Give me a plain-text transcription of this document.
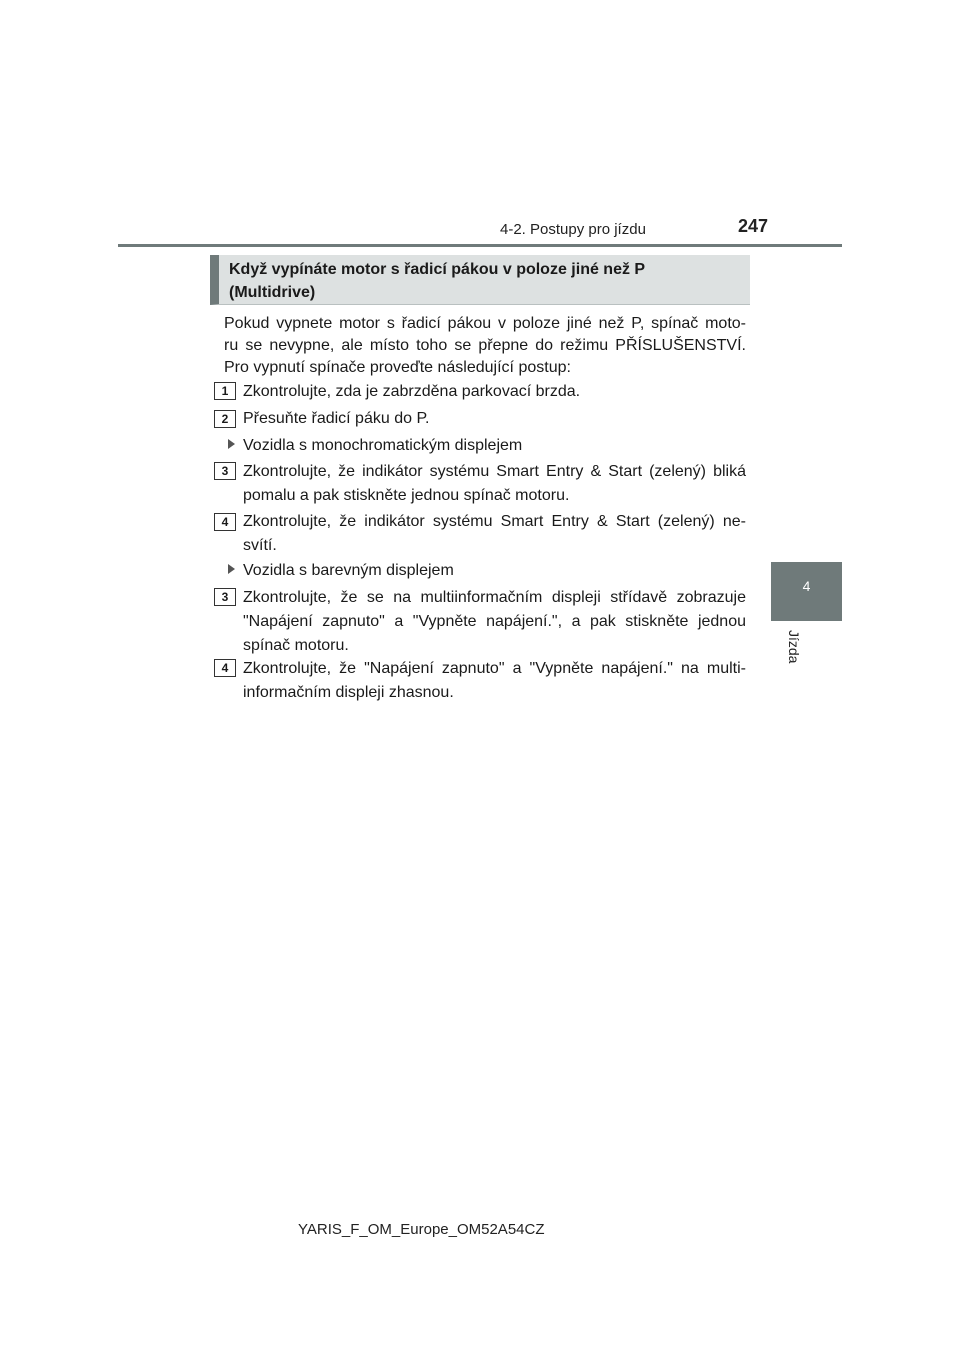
4-2. Postupy pro jízdu	247
4
Jízda
Když vypínáte motor s řadicí pákou v poloze jiné než P
(Multidrive)
Pokud vypnete motor s řadicí pákou v poloze jiné než P, spínač moto-
ru se nevypne, ale místo toho se přepne do režimu PŘÍSLUŠENSTVÍ.
Pro vypnutí spínače proveďte následující postup:
1 Zkontrolujte, zda je zabrzděna parkovací brzda.
2 Přesuňte řadicí páku do P.
Vozidla s monochromatickým displejem
3 Zkontrolujte, že indikátor systému Smart Entry & Start (zelený) bliká
pomalu a pak stiskněte jednou spínač motoru.
4 Zkontrolujte, že indikátor systému Smart Entry & Start (zelený) ne-
svítí.
Vozidla s barevným displejem
3 Zkontrolujte, že se na multiinformačním displeji střídavě zobrazuje
"Napájení zapnuto" a "Vypněte napájení.", a pak stiskněte jednou
spínač motoru.
4 Zkontrolujte, že "Napájení zapnuto" a "Vypněte napájení." na multi-
informačním displeji zhasnou.
YARIS_F_OM_Europe_OM52A54CZ
